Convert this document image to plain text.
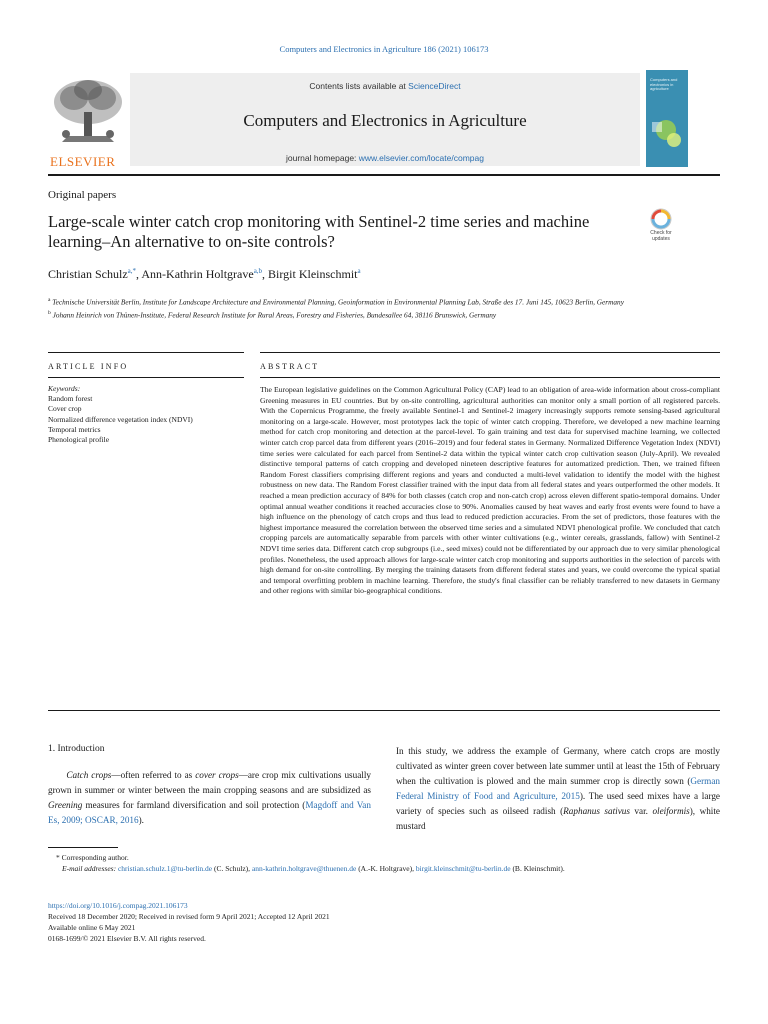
Computers and Electronics in Agriculture 186 (2021) 106173
ELSEVIER
Contents lists available at ScienceDirect
Computers and Electronics in Agriculture
journal homepage: www.elsevier.com/locate/compag
Computers and electronics in agriculture
Original papers
Large-scale winter catch crop monitoring with Sentinel-2 time series and machine learning–An alternative to on-site controls?	Check for updates
Christian Schulz$^{a,*}$, Ann-Kathrin Holtgrave$^{a,b}$, Birgit Kleinschmit$^a$
$^a$ Technische Universität Berlin, Institute for Landscape Architecture and Environmental Planning, Geoinformation in Environmental Planning Lab, Straße des 17. Juni 145, 10623 Berlin, Germany
$^b$ Johann Heinrich von Thünen-Institute, Federal Research Institute for Rural Areas, Forestry and Fisheries, Bundesallee 64, 38116 Brunswick, Germany
ARTICLE INFO	ABSTRACT
Keywords:
Random forest
Cover crop
Normalized difference vegetation index (NDVI)
Temporal metrics
Phenological profile
The European legislative guidelines on the Common Agricultural Policy (CAP) lead to an obligation of area-wide information about cross-compliant Greening measures in EU countries. But by on-site controlling, agricultural authorities can monitor only a small portion of all registered parcels. With the Copernicus Programme, the freely available Sentinel-1 and Sentinel-2 imagery increasingly supports remote sensing-based agricultural monitoring on a large-scale. However, most prototypes lack the topic of winter catch cropping. Therefore, we developed a new machine learning method for catch crop monitoring and detection at the parcel-level. To gain training and test data for supervised machine learning, we collected winter catch crop parcel data from different years (2016–2019) and four federal states in Germany. Normalized Difference Vegetation Index (NDVI) time series were calculated for each parcel from Sentinel-2 data within the typical winter catch crop cultivation season (July-April). We revealed distinctive temporal patterns of catch cropping and developed nineteen descriptive features for automatized prediction. Then, we trained fifteen Random Forest classifiers comprising different regions and years and conducted a multi-level validation to identify the model with the highest robustness on new data. The Random Forest classifier trained with the input data from all federal states and years outperformed the other models. It reached a mean prediction accuracy of 84% for both classes (catch crop and non-catch crop) across eleven different spatio-temporal domains. Under optimal annual weather conditions it reached accuracies close to 90%. Anomalies caused by heat waves and early frost events were found to have a high influence on the phenology of catch crops and thus lead to reduced prediction accuracies. From the set of predictors, those features with the highest importance measured the correlation between the observed time series and a simulated NDVI phenological profile. We concluded that catch cropping parcels are automatically separable from parcels with other winter cultivations (e.g., winter cereals, grasslands, fallow) with Sentinel-2 NDVI time series data. Different catch crop subgroups (i.e., seed mixes) could not be differentiated by our approach due to very similar phenological profiles. Nonetheless, the used approach allows for large-scale winter catch crop monitoring and supports authorities in the selection of parcels with high demand for on-site controlling. By merging the training datasets from different federal states and years, we could overcome the typical spatial and temporal overfitting problem in machine learning. Therefore, the study's final classifier can be reliably transferred to new datasets in Germany and other regions with similar bio-geographical conditions.
1. Introduction

  Catch crops—often referred to as cover crops—are crop mix cultivations usually grown in summer or winter between the main cropping seasons and are subsidized as Greening measures for farmland diversification and soil protection (Magdoff and Van Es, 2009; OSCAR, 2016).

In this study, we address the example of Germany, where catch crops are mostly cultivated as winter green cover between late summer until at least the 15th of February when the cultivation is plowed and the main summer crop is directly sown (German Federal Ministry of Food and Agriculture, 2015). The used seed mixes have a large variety of species such as oilseed radish (Raphanus sativus var. oleiformis), white mustard

* Corresponding author.
E-mail addresses: christian.schulz.1@tu-berlin.de (C. Schulz), ann-kathrin.holtgrave@thuenen.de (A.-K. Holtgrave), birgit.kleinschmit@tu-berlin.de (B. Kleinschmit).
https://doi.org/10.1016/j.compag.2021.106173
Received 18 December 2020; Received in revised form 9 April 2021; Accepted 12 April 2021
Available online 6 May 2021
0168-1699/© 2021 Elsevier B.V. All rights reserved.
